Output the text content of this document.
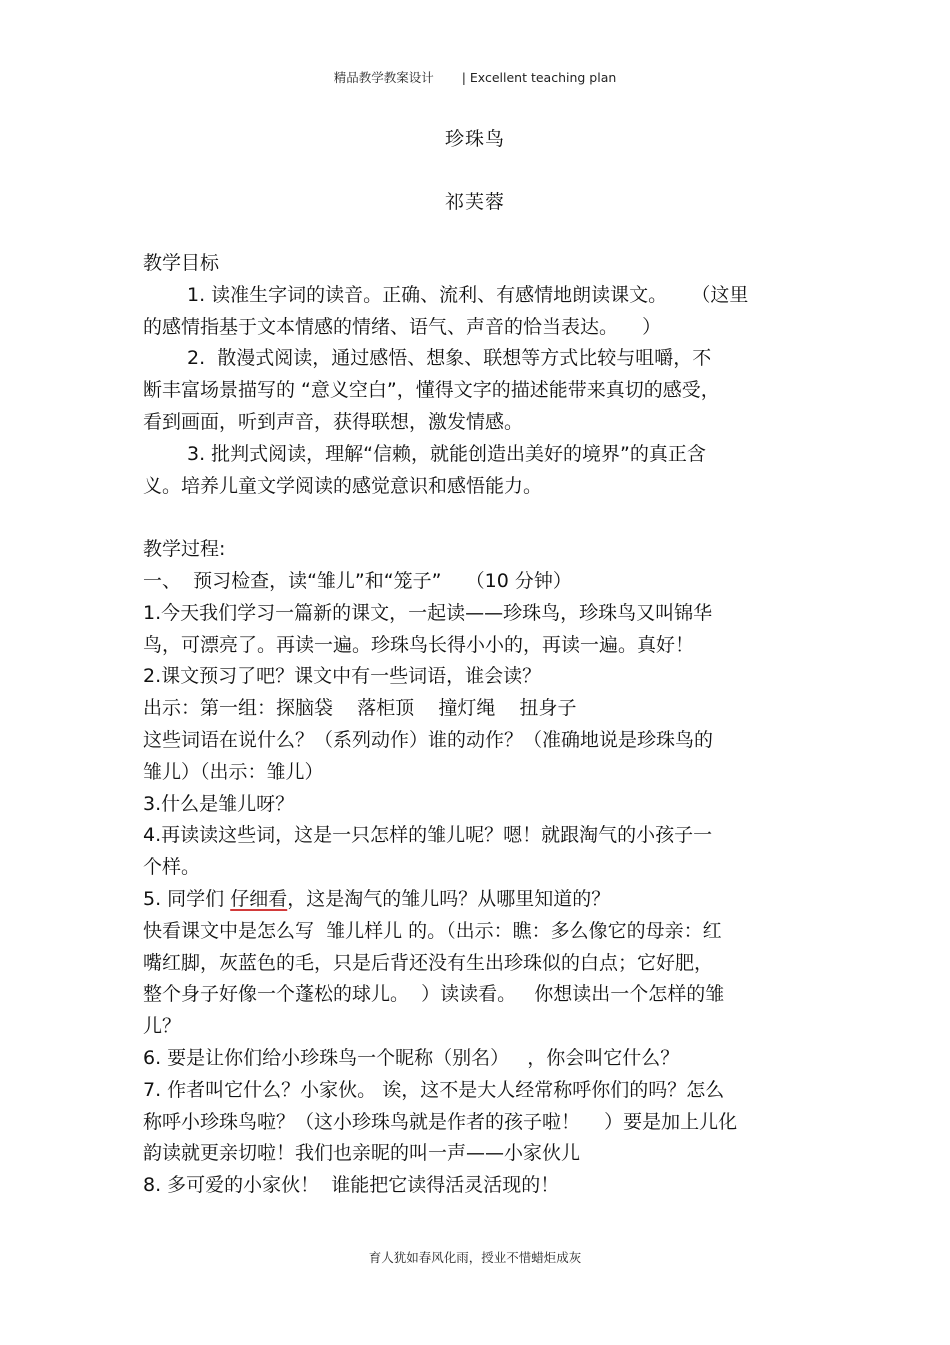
精品教学教案设计 | Excellent teaching plan
珍珠鸟
祁芙蓉
教学目标
1. 读准生字词的读音。正确、流利、有感情地朗读课文。    （这里
的感情指基于文本情感的情绪、语气、声音的恰当表达。    ）
2.  散漫式阅读，通过感悟、想象、联想等方式比较与咀嚼，不
断丰富场景描写的 “意义空白”，懂得文字的描述能带来真切的感受，
看到画面，听到声音，获得联想，激发情感。
3. 批判式阅读，理解“信赖，就能创造出美好的境界”的真正含
义。培养儿童文学阅读的感觉意识和感悟能力。
教学过程:
一、  预习检查，读“雏儿”和“笼子”    （10 分钟）
1.今天我们学习一篇新的课文，一起读——珍珠鸟，珍珠鸟又叫锦华
鸟，可漂亮了。再读一遍。珍珠鸟长得小小的，再读一遍。真好！
2.课文预习了吧？课文中有一些词语，谁会读？
出示：第一组：探脑袋    落柜顶    撞灯绳    扭身子
这些词语在说什么？（系列动作）谁的动作？（准确地说是珍珠鸟的
雏儿）（出示：雏儿）
3.什么是雏儿呀？
4.再读读这些词，这是一只怎样的雏儿呢？嗯！就跟淘气的小孩子一
个样。
5. 同学们 仔细看，这是淘气的雏儿吗？从哪里知道的？
快看课文中是怎么写  雏儿样儿 的。（出示：瞧：多么像它的母亲：红
嘴红脚，灰蓝色的毛，只是后背还没有生出珍珠似的白点；它好肥，
整个身子好像一个蓬松的球儿。  ）读读看。   你想读出一个怎样的雏
儿？
6. 要是让你们给小珍珠鸟一个昵称（别名）   ，你会叫它什么？
7. 作者叫它什么？小家伙。 诶，这不是大人经常称呼你们的吗？怎么
称呼小珍珠鸟啦？（这小珍珠鸟就是作者的孩子啦！    ）要是加上儿化
韵读就更亲切啦！我们也亲昵的叫一声——小家伙儿
8. 多可爱的小家伙！  谁能把它读得活灵活现的！
育人犹如春风化雨，授业不惜蜡炬成灰
